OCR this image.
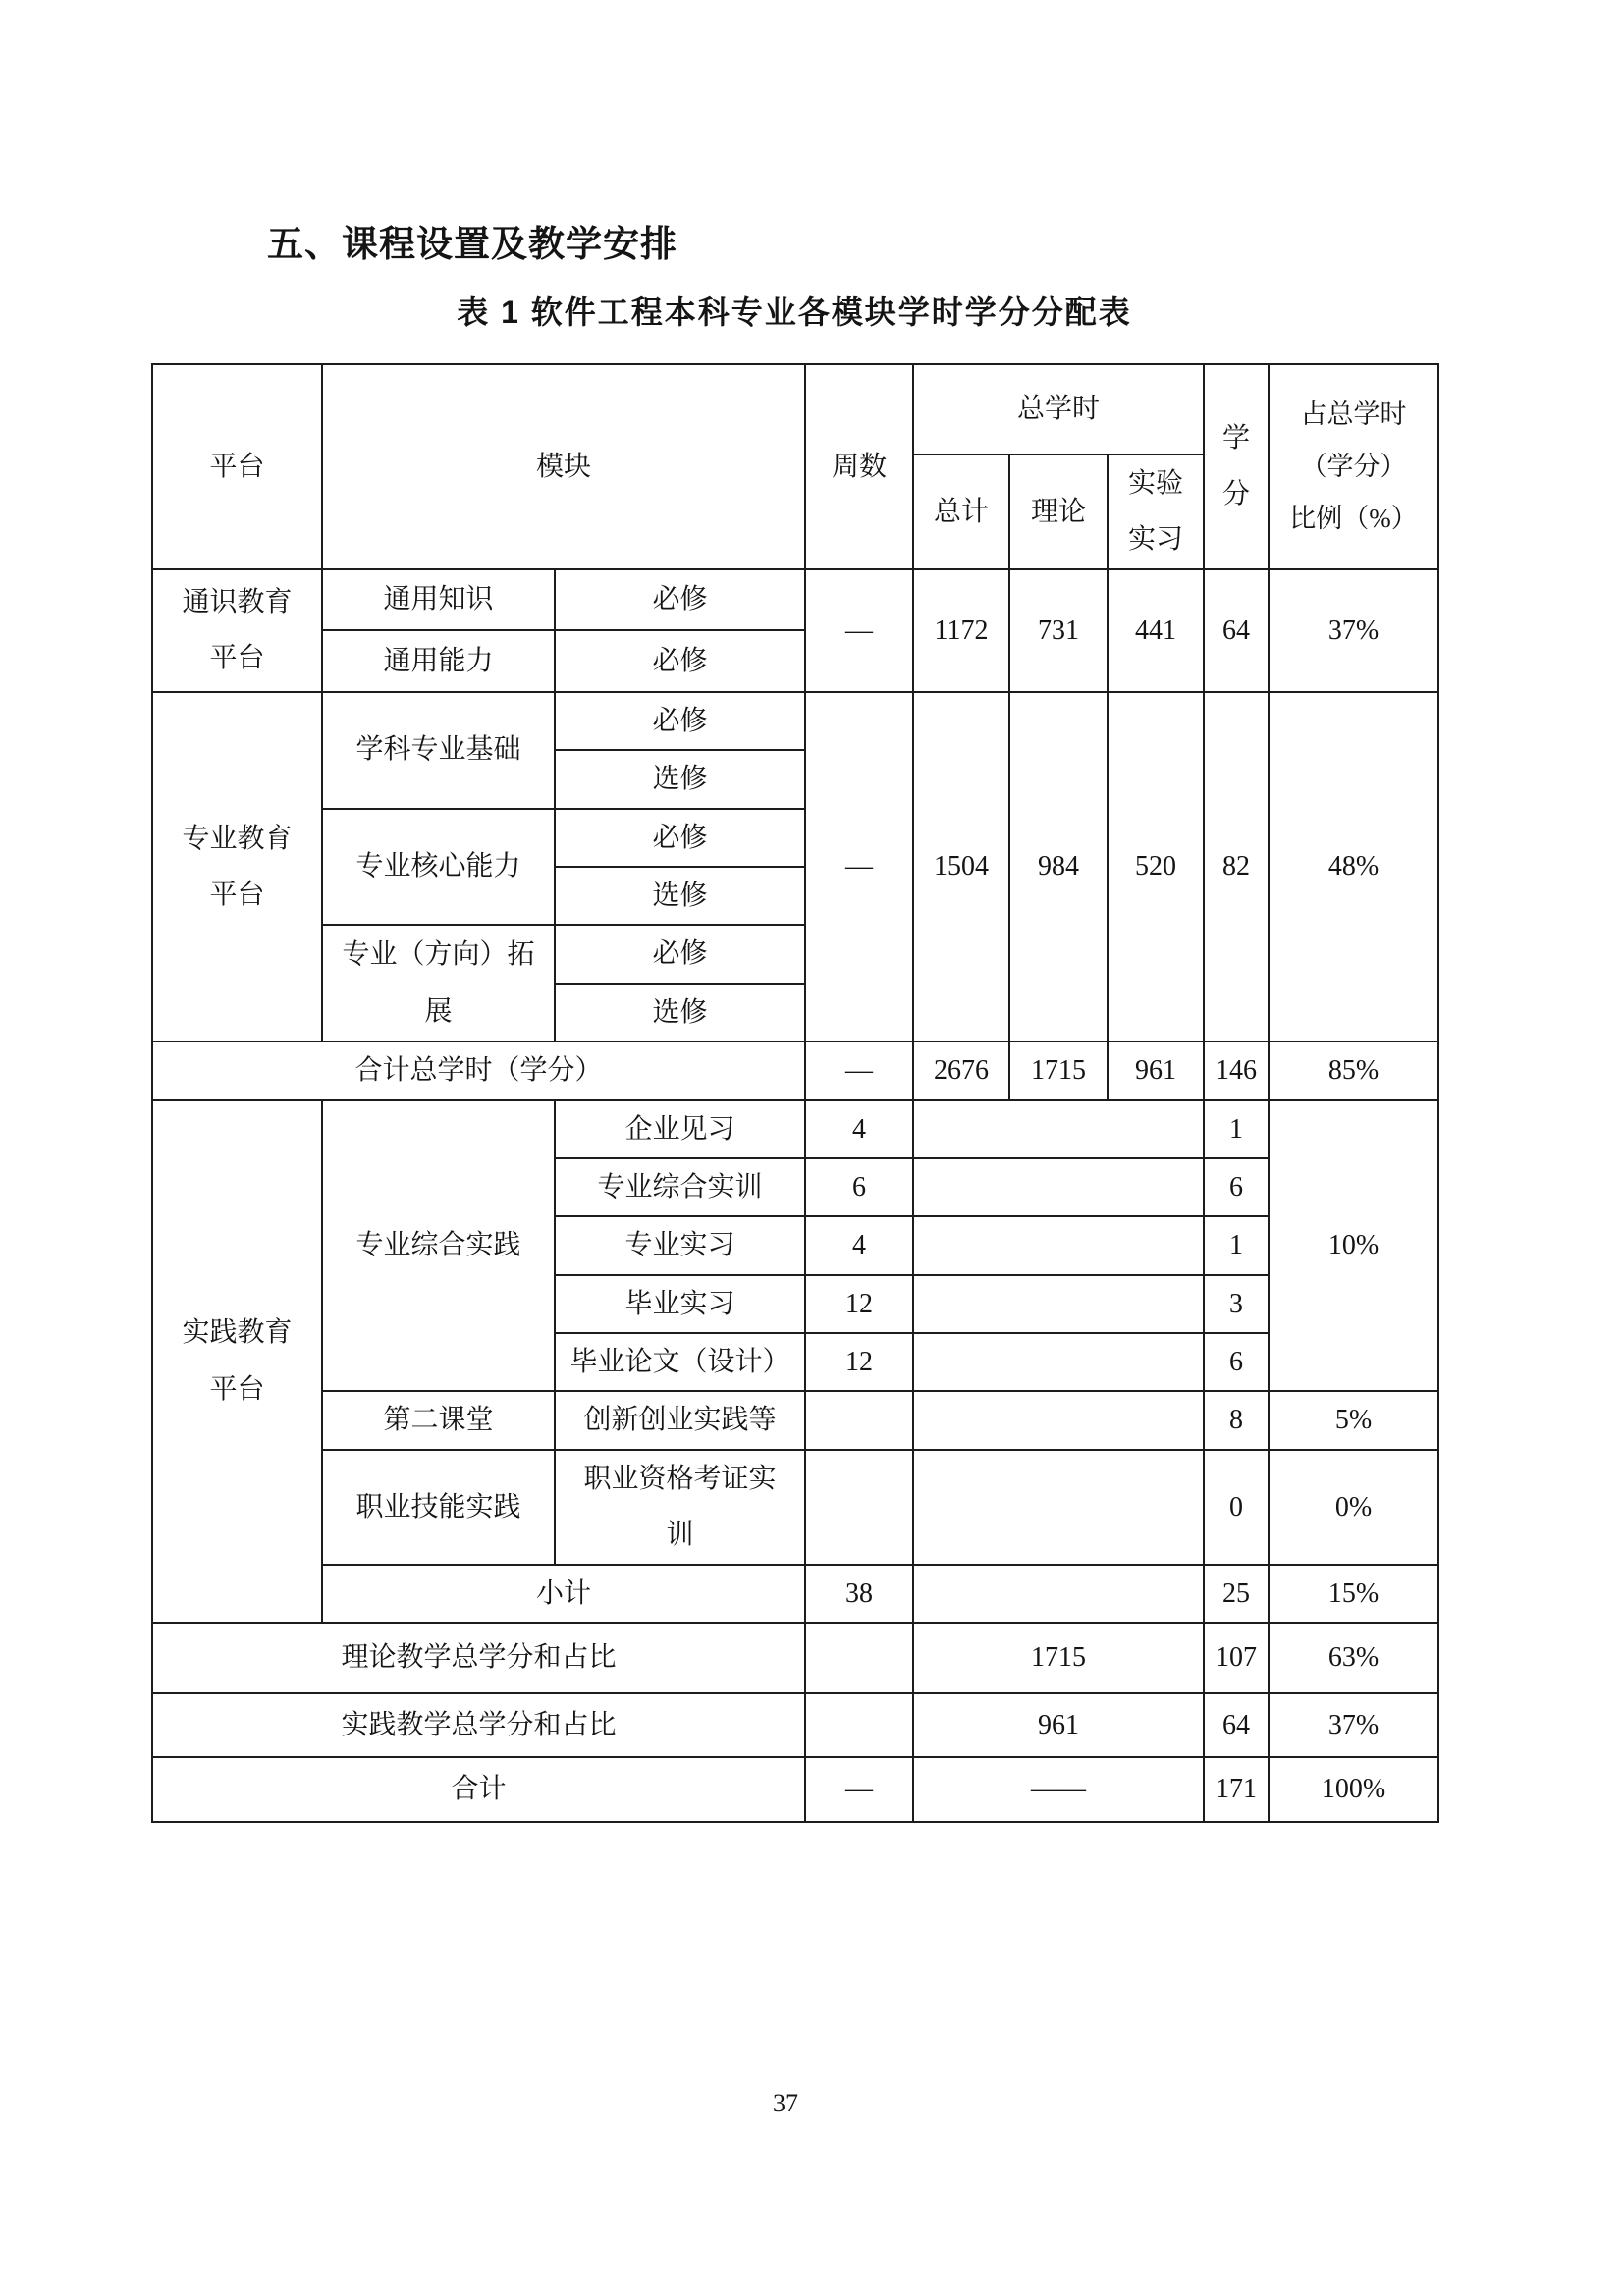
五、课程设置及教学安排
表 1 软件工程本科专业各模块学时学分分配表
平台	模块		周数	总学时			学分	占总学时（学分）比例（%）
				总计	理论	实验实习		
通识教育平台	通用知识	必修	—	1172	731	441	64	37%
	通用能力	必修						
专业教育平台	学科专业基础	必修	—	1504	984	520	82	48%
		选修						
	专业核心能力	必修						
		选修						
	专业（方向）拓展	必修						
		选修						
合计总学时（学分）			—	2676	1715	961	146	85%
实践教育平台	专业综合实践	企业见习	4				1	10%
		专业综合实训	6				6	
		专业实习	4				1	
		毕业实习	12				3	
		毕业论文（设计）	12				6	
	第二课堂	创新创业实践等					8	5%
	职业技能实践	职业资格考证实训					0	0%
	小计		38				25	15%
理论教学总学分和占比				1715			107	63%
实践教学总学分和占比				961			64	37%
合计			—	——			171	100%
37
